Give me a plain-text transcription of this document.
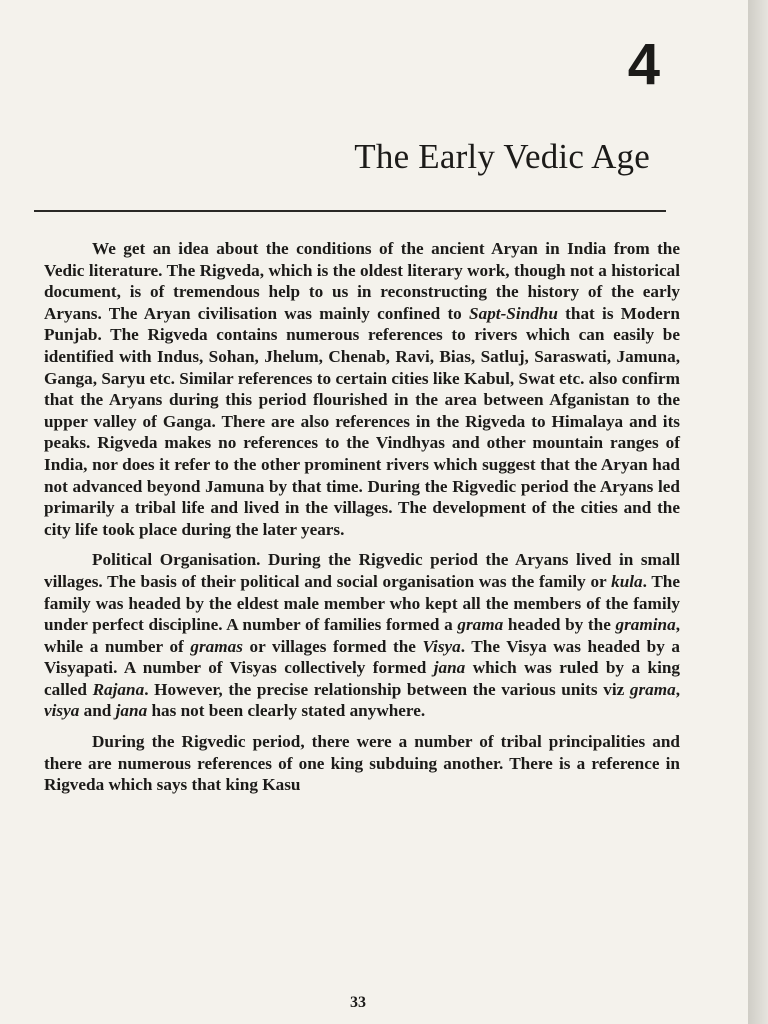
4
The Early Vedic Age

We get an idea about the conditions of the ancient Aryan in India from the Vedic literature. The Rigveda, which is the oldest literary work, though not a historical document, is of tremendous help to us in reconstructing the history of the early Aryans. The Aryan civilisation was mainly confined to Sapt-Sindhu that is Modern Punjab. The Rigveda contains numerous references to rivers which can easily be identified with Indus, Sohan, Jhelum, Chenab, Ravi, Bias, Satluj, Saraswati, Jamuna, Ganga, Saryu etc. Similar references to certain cities like Kabul, Swat etc. also confirm that the Aryans during this period flourished in the area between Afganistan to the upper valley of Ganga. There are also references in the Rigveda to Himalaya and its peaks. Rigveda makes no references to the Vindhyas and other mountain ranges of India, nor does it refer to the other prominent rivers which suggest that the Aryan had not advanced beyond Jamuna by that time. During the Rigvedic period the Aryans led primarily a tribal life and lived in the villages. The development of the cities and the city life took place during the later years.

Political Organisation. During the Rigvedic period the Aryans lived in small villages. The basis of their political and social organisation was the family or kula. The family was headed by the eldest male member who kept all the members of the family under perfect discipline. A number of families formed a grama headed by the gramina, while a number of gramas or villages formed the Visya. The Visya was headed by a Visyapati. A number of Visyas collectively formed jana which was ruled by a king called Rajana. However, the precise relationship between the various units viz grama, visya and jana has not been clearly stated anywhere.

During the Rigvedic period, there were a number of tribal principalities and there are numerous references of one king subduing another. There is a reference in Rigveda which says that king Kasu

33
